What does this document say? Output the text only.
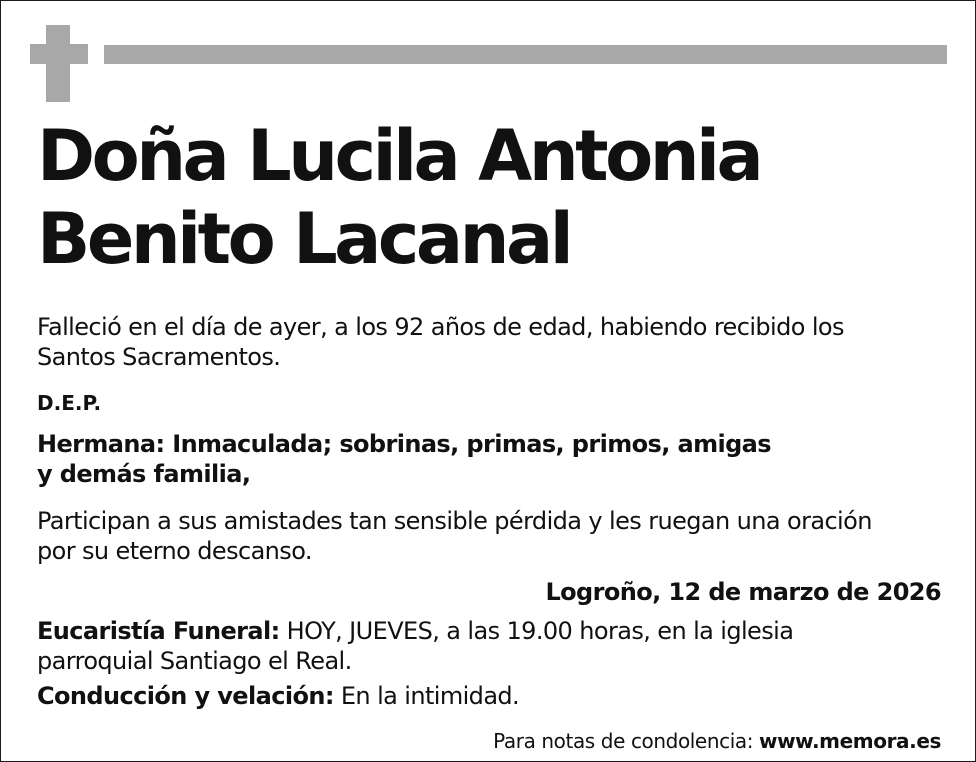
Doña Lucila Antonia
Benito Lacanal

Falleció en el día de ayer, a los 92 años de edad, habiendo recibido los
Santos Sacramentos.

D.E.P.

Hermana: Inmaculada; sobrinas, primas, primos, amigas
y demás familia,

Participan a sus amistades tan sensible pérdida y les ruegan una oración
por su eterno descanso.

Logroño, 12 de marzo de 2026

Eucaristía Funeral: HOY, JUEVES, a las 19.00 horas, en la iglesia
parroquial Santiago el Real.

Conducción y velación: En la intimidad.

Para notas de condolencia: www.memora.es
